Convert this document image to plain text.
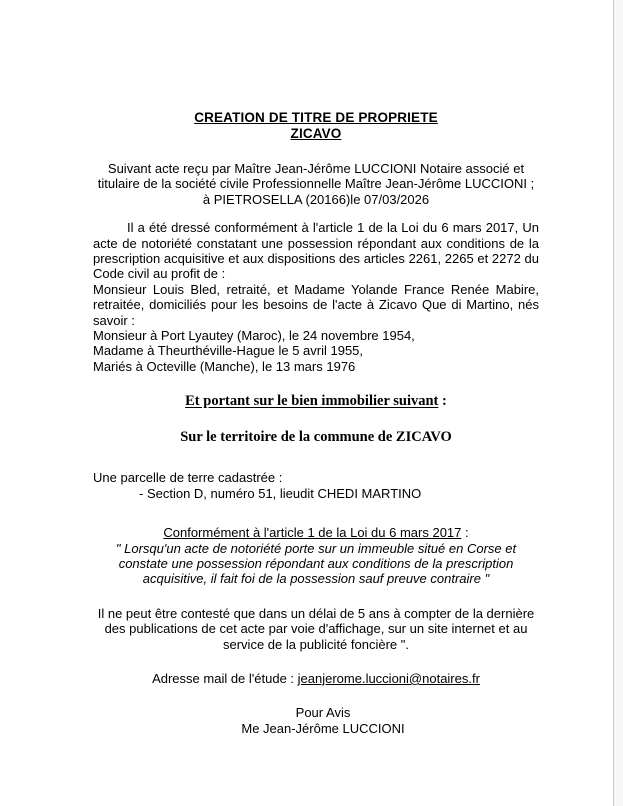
CREATION DE TITRE DE PROPRIETE
ZICAVO
Suivant acte reçu par Maître Jean-Jérôme LUCCIONI Notaire associé et
titulaire de la société civile Professionnelle Maître Jean-Jérôme LUCCIONI ;
à PIETROSELLA (20166)le 07/03/2026
Il a été dressé conformément à l'article 1 de la Loi du 6 mars 2017, Un acte de notoriété constatant une possession répondant aux conditions de la prescription acquisitive et aux dispositions des articles 2261, 2265 et 2272 du Code civil au profit de :
Monsieur Louis Bled, retraité, et Madame Yolande France Renée Mabire, retraitée, domiciliés pour les besoins de l'acte à Zicavo Que di Martino, nés savoir :
Monsieur à Port Lyautey (Maroc), le 24 novembre 1954,
Madame à Theurthéville-Hague le 5 avril 1955,
Mariés à Octeville (Manche), le 13 mars 1976
Et portant sur le bien immobilier suivant :
Sur le territoire de la commune de ZICAVO
Une parcelle de terre cadastrée :
- Section D, numéro 51, lieudit CHEDI MARTINO
Conformément à l'article 1 de la Loi du 6 mars 2017 :
" Lorsqu'un acte de notoriété porte sur un immeuble situé en Corse et constate une possession répondant aux conditions de la prescription acquisitive, il fait foi de la possession sauf preuve contraire "
Il ne peut être contesté que dans un délai de 5 ans à compter de la dernière des publications de cet acte par voie d'affichage, sur un site internet et au service de la publicité foncière ".
Adresse mail de l'étude : jeanjerome.luccioni@notaires.fr
Pour Avis
Me Jean-Jérôme LUCCIONI
